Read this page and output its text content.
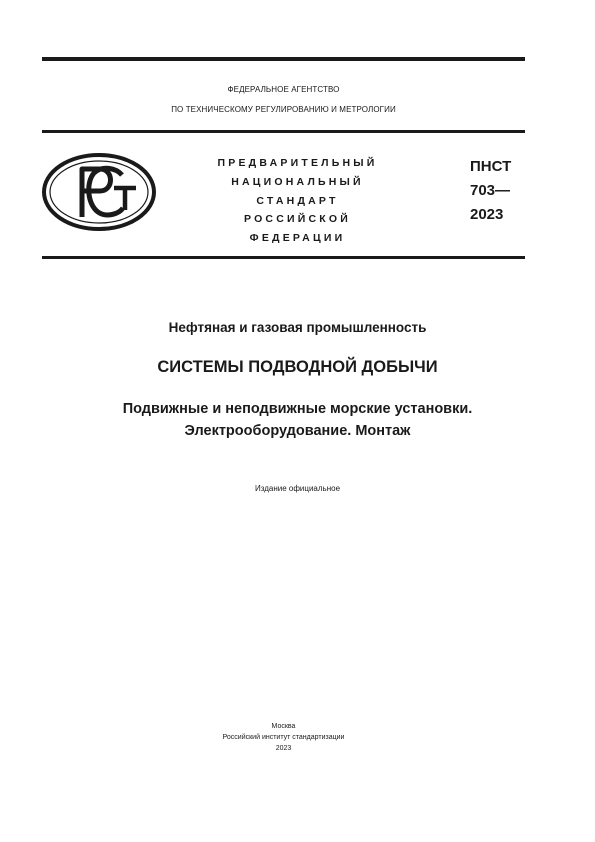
ФЕДЕРАЛЬНОЕ АГЕНТСТВО
ПО ТЕХНИЧЕСКОМУ РЕГУЛИРОВАНИЮ И МЕТРОЛОГИИ
ПРЕДВАРИТЕЛЬНЫЙ
НАЦИОНАЛЬНЫЙ
СТАНДАРТ
РОССИЙСКОЙ
ФЕДЕРАЦИИ
ПНСТ
703—
2023
Нефтяная и газовая промышленность
СИСТЕМЫ ПОДВОДНОЙ ДОБЫЧИ
Подвижные и неподвижные морские установки.
Электрооборудование. Монтаж
Издание официальное
Москва
Российский институт стандартизации
2023
